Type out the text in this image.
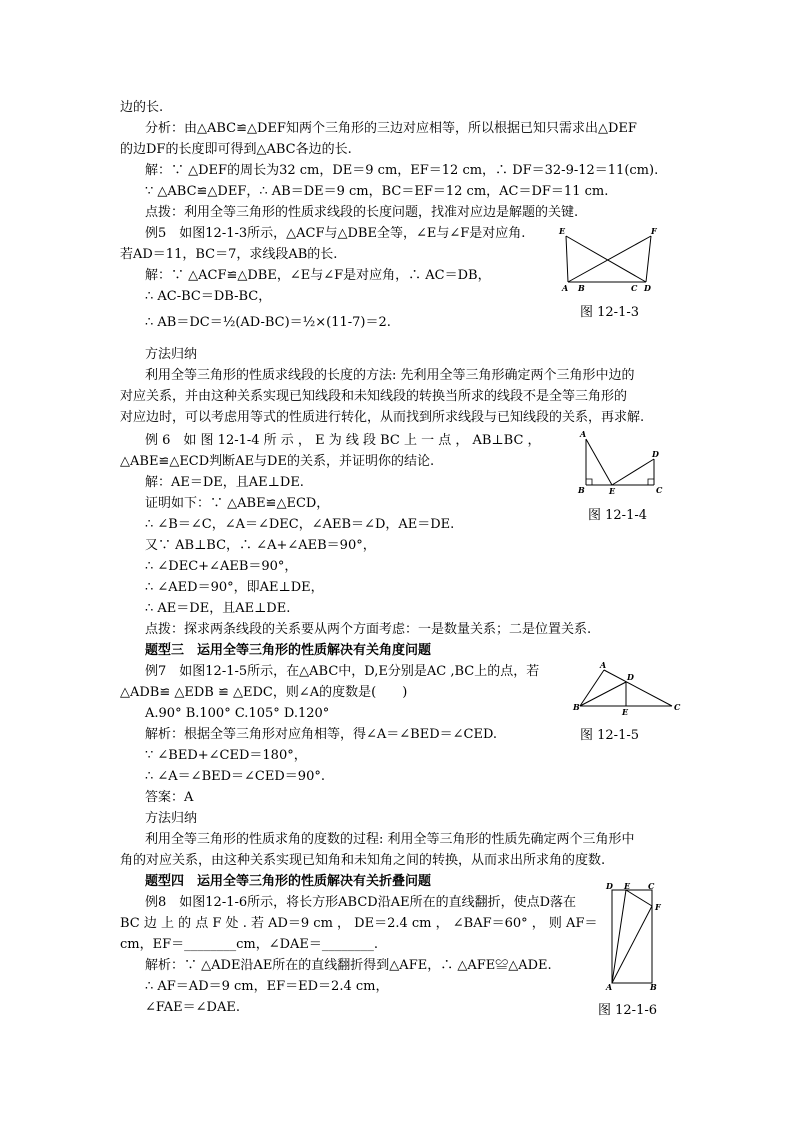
边的长.
分析：由△ABC≌△DEF知两个三角形的三边对应相等，所以根据已知只需求出△DEF
的边DF的长度即可得到△ABC各边的长.
解：∵ △DEF的周长为32 cm，DE＝9 cm，EF＝12 cm，∴ DF＝32-9-12＝11(cm).
∵ △ABC≌△DEF，∴ AB＝DE＝9 cm，BC＝EF＝12 cm，AC＝DF＝11 cm.
点拨：利用全等三角形的性质求线段的长度问题，找准对应边是解题的关键.
例5　如图12-1-3所示，△ACF与△DBE全等，∠E与∠F是对应角.
若AD＝11，BC＝7，求线段AB的长.
解：∵ △ACF≌△DBE，∠E与∠F是对应角，∴ AC＝DB，
∴ AC-BC＝DB-BC，
∴ AB＝DC＝½(AD-BC)＝½×(11-7)＝2.
方法归纳
利用全等三角形的性质求线段的长度的方法: 先利用全等三角形确定两个三角形中边的
对应关系，并由这种关系实现已知线段和未知线段的转换当所求的线段不是全等三角形的
对应边时，可以考虑用等式的性质进行转化，从而找到所求线段与已知线段的关系，再求解.
例 6　如 图 12-1-4 所 示 ， E 为 线 段 BC 上 一 点 ， AB⊥BC ，
△ABE≌△ECD判断AE与DE的关系，并证明你的结论.
解：AE＝DE，且AE⊥DE.
证明如下：∵ △ABE≌△ECD，
∴ ∠B＝∠C，∠A＝∠DEC，∠AEB＝∠D，AE＝DE.
又∵ AB⊥BC，∴ ∠A+∠AEB＝90°，
∴ ∠DEC+∠AEB＝90°，
∴ ∠AED＝90°，即AE⊥DE，
∴ AE＝DE，且AE⊥DE.
点拨：探求两条线段的关系要从两个方面考虑：一是数量关系；二是位置关系.
题型三　运用全等三角形的性质解决有关角度问题
例7　如图12-1-5所示，在△ABC中，D,E分别是AC ,BC上的点，若
△ADB≌ △EDB ≌ △EDC，则∠A的度数是(　　)
A.90° B.100° C.105° D.120°
解析：根据全等三角形对应角相等，得∠A＝∠BED＝∠CED.
∵ ∠BED+∠CED＝180°，
∴ ∠A＝∠BED＝∠CED＝90°.
答案：A
方法归纳
利用全等三角形的性质求角的度数的过程: 利用全等三角形的性质先确定两个三角形中
角的对应关系，由这种关系实现已知角和未知角之间的转换，从而求出所求角的度数.
题型四　运用全等三角形的性质解决有关折叠问题
例8　如图12-1-6所示，将长方形ABCD沿AE所在的直线翻折，使点D落在
BC 边 上 的 点 F 处 . 若 AD＝9 cm ， DE＝2.4 cm ， ∠BAF＝60° ， 则 AF＝
cm，EF＝________cm，∠DAE＝________.
解析：∵ △ADE沿AE所在的直线翻折得到△AFE，∴ △AFE≌△ADE.
∴ AF＝AD＝9 cm，EF＝ED＝2.4 cm，
∠FAE＝∠DAE.
E	F
A B	C D
图 12-1-3
A
B	E	C
D
图 12-1-4
A
D
B	E	C
图 12-1-5
D E C
F
A	B
图 12-1-6
